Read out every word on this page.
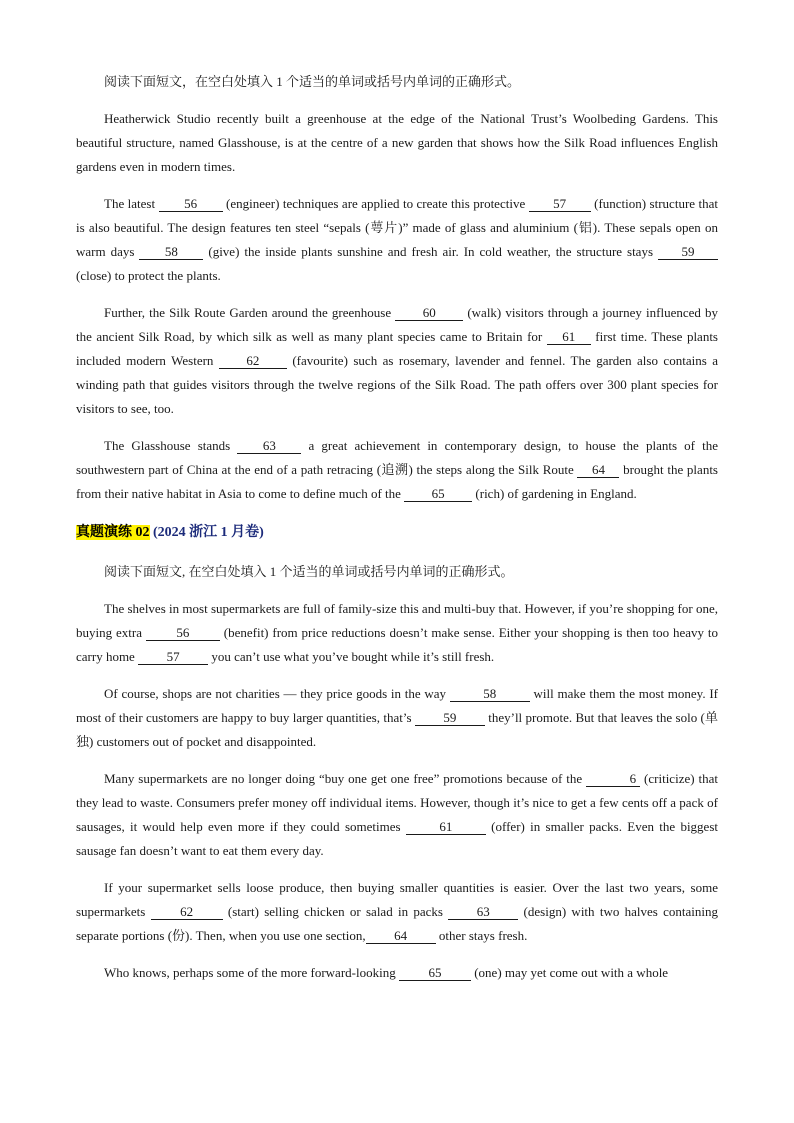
阅读下面短文，在空白处填入 1 个适当的单词或括号内单词的正确形式。

Heatherwick Studio recently built a greenhouse at the edge of the National Trust’s Woolbeding Gardens. This beautiful structure, named Glasshouse, is at the centre of a new garden that shows how the Silk Road influences English gardens even in modern times.

The latest 56 (engineer) techniques are applied to create this protective 57 (function) structure that is also beautiful. The design features ten steel “sepals (萼片)” made of glass and aluminium (铝). These sepals open on warm days 58 (give) the inside plants sunshine and fresh air. In cold weather, the structure stays 59 (close) to protect the plants.

Further, the Silk Route Garden around the greenhouse 60 (walk) visitors through a journey influenced by the ancient Silk Road, by which silk as well as many plant species came to Britain for 61 first time. These plants included modern Western 62 (favourite) such as rosemary, lavender and fennel. The garden also contains a winding path that guides visitors through the twelve regions of the Silk Road. The path offers over 300 plant species for visitors to see, too.

The Glasshouse stands 63 a great achievement in contemporary design, to house the plants of the southwestern part of China at the end of a path retracing (追溯) the steps along the Silk Route 64 brought the plants from their native habitat in Asia to come to define much of the 65 (rich) of gardening in England.

真题演练 02 (2024 浙江 1 月卷)

阅读下面短文, 在空白处填入 1 个适当的单词或括号内单词的正确形式。

The shelves in most supermarkets are full of family-size this and multi-buy that. However, if you’re shopping for one, buying extra 56 (benefit) from price reductions doesn’t make sense. Either your shopping is then too heavy to carry home 57 you can’t use what you’ve bought while it’s still fresh.

Of course, shops are not charities — they price goods in the way	58	will make them the most money. If most of their customers are happy to buy larger quantities, that’s 59 they’ll promote. But that leaves the solo (单独) customers out of pocket and disappointed.

Many supermarkets are no longer doing “buy one get one free” promotions because of the	6 (criticize) that they lead to waste. Consumers prefer money off individual items. However, though it’s nice to get a few cents off a pack of sausages, it would help even more if they could sometimes	61	(offer) in smaller packs. Even the biggest sausage fan doesn’t want to eat them every day.

If your supermarket sells loose produce, then buying smaller quantities is easier. Over the last two years, some supermarkets 62 (start) selling chicken or salad in packs 63 (design) with two halves containing separate portions (份). Then, when you use one section, 64 other stays fresh.

Who knows, perhaps some of the more forward-looking 65 (one) may yet come out with a whole
